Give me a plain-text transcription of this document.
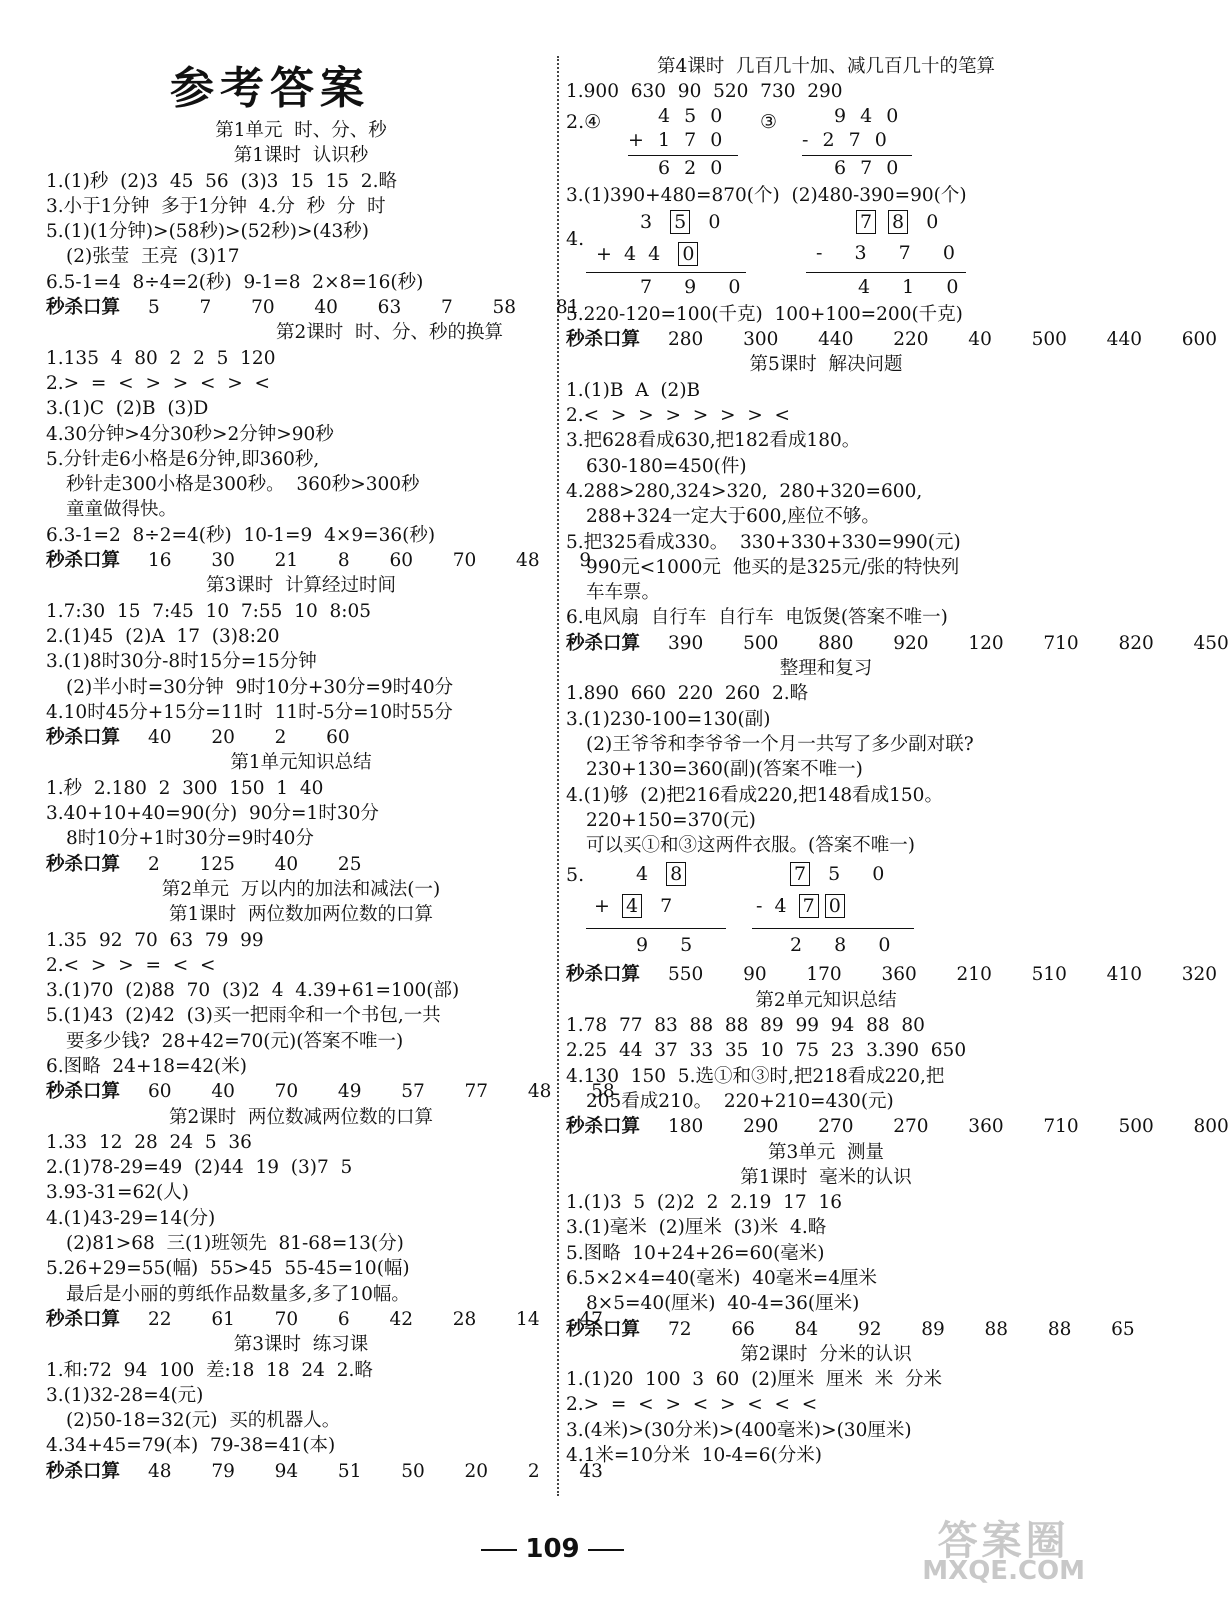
参考答案
第1单元  时、分、秒
第1课时  认识秒
1.(1)秒  (2)3  45  56  (3)3  15  15  2.略
3.小于1分钟  多于1分钟  4.分  秒  分  时
5.(1)(1分钟)>(58秒)>(52秒)>(43秒)
(2)张莹  王亮  (3)17
6.5-1=4  8÷4=2(秒)  9-1=8  2×8=16(秒)
秒杀口算 5  7  70  40  63  7  58  81
第2课时  时、分、秒的换算
1.135  4  80  2  2  5  120
2.>  =  <  >  >  <  >  <
3.(1)C  (2)B  (3)D
4.30分钟>4分30秒>2分钟>90秒
5.分针走6小格是6分钟,即360秒,
秒针走300小格是300秒。  360秒>300秒
童童做得快。
6.3-1=2  8÷2=4(秒)  10-1=9  4×9=36(秒)
秒杀口算 16  30  21  8  60  70  48  9
第3课时  计算经过时间
1.7:30  15  7:45  10  7:55  10  8:05
2.(1)45  (2)A  17  (3)8:20
3.(1)8时30分-8时15分=15分钟
(2)半小时=30分钟  9时10分+30分=9时40分
4.10时45分+15分=11时  11时-5分=10时55分
秒杀口算 40  20  2  60
第1单元知识总结
1.秒  2.180  2  300  150  1  40
3.40+10+40=90(分)  90分=1时30分
8时10分+1时30分=9时40分
秒杀口算 2  125  40  25
第2单元  万以内的加法和减法(一)
第1课时  两位数加两位数的口算
1.35  92  70  63  79  99
2.<  >  >  =  <  <
3.(1)70  (2)88  70  (3)2  4  4.39+61=100(部)
5.(1)43  (2)42  (3)买一把雨伞和一个书包,一共
要多少钱?  28+42=70(元)(答案不唯一)
6.图略  24+18=42(米)
秒杀口算 60  40  70  49  57  77  48  58
第2课时  两位数减两位数的口算
1.33  12  28  24  5  36
2.(1)78-29=49  (2)44  19  (3)7  5
3.93-31=62(人)
4.(1)43-29=14(分)
(2)81>68  三(1)班领先  81-68=13(分)
5.26+29=55(幅)  55>45  55-45=10(幅)
最后是小丽的剪纸作品数量多,多了10幅。
秒杀口算 22  61  70  6  42  28  14  47
第3课时  练习课
1.和:72  94  100  差:18  18  24  2.略
3.(1)32-28=4(元)
(2)50-18=32(元)  买的机器人。
4.34+45=79(本)  79-38=41(本)
秒杀口算 48  79  94  51  50  20  2  43
第4课时  几百几十加、减几百几十的笔算
1.900  630  90  520  730  290
2.④	4 5 0
+ 1 7 0
6 2 0
③	9 4 0
- 2 7 0
6 7 0
3.(1)390+480=870(个)  (2)480-390=90(个)
4.
3 5 0
+  4  4 0
7  9  0
7 8 0
-  3  7  0
4  1  0
5.220-120=100(千克)  100+100=200(千克)
秒杀口算 280  300  440  220  40  500  440  600
第5课时  解决问题
1.(1)B  A  (2)B
2.<  >  >  >  >  >  >  <
3.把628看成630,把182看成180。
630-180=450(件)
4.288>280,324>320,  280+320=600,
288+324一定大于600,座位不够。
5.把325看成330。  330+330+330=990(元)
990元<1000元  他买的是325元/张的特快列
车车票。
6.电风扇  自行车  自行车  电饭煲(答案不唯一)
秒杀口算 390  500  880  920  120  710  820  450
整理和复习
1.890  660  220  260  2.略
3.(1)230-100=130(副)
(2)王爷爷和李爷爷一个月一共写了多少副对联?
230+130=360(副)(答案不唯一)
4.(1)够  (2)把216看成220,把148看成150。
220+150=370(元)
可以买①和③这两件衣服。(答案不唯一)
5.	4 8
+ 4 7
9  5
7 5  0
-  4 7 0
2  8  0
秒杀口算 550  90  170  360  210  510  410  320
第2单元知识总结
1.78  77  83  88  88  89  99  94  88  80
2.25  44  37  33  35  10  75  23  3.390  650
4.130  150  5.选①和③时,把218看成220,把
205看成210。  220+210=430(元)
秒杀口算 180  290  270  270  360  710  500  800
第3单元  测量
第1课时  毫米的认识
1.(1)3  5  (2)2  2  2.19  17  16
3.(1)毫米  (2)厘米  (3)米  4.略
5.图略  10+24+26=60(毫米)
6.5×2×4=40(毫米)  40毫米=4厘米
8×5=40(厘米)  40-4=36(厘米)
秒杀口算 72  66  84  92  89  88  88  65
第2课时  分米的认识
1.(1)20  100  3  60  (2)厘米  厘米  米  分米
2.>  =  <  >  <  >  <  <  <
3.(4米)>(30分米)>(400毫米)>(30厘米)
4.1米=10分米  10-4=6(分米)
109	答案圈
MXQE.COM
